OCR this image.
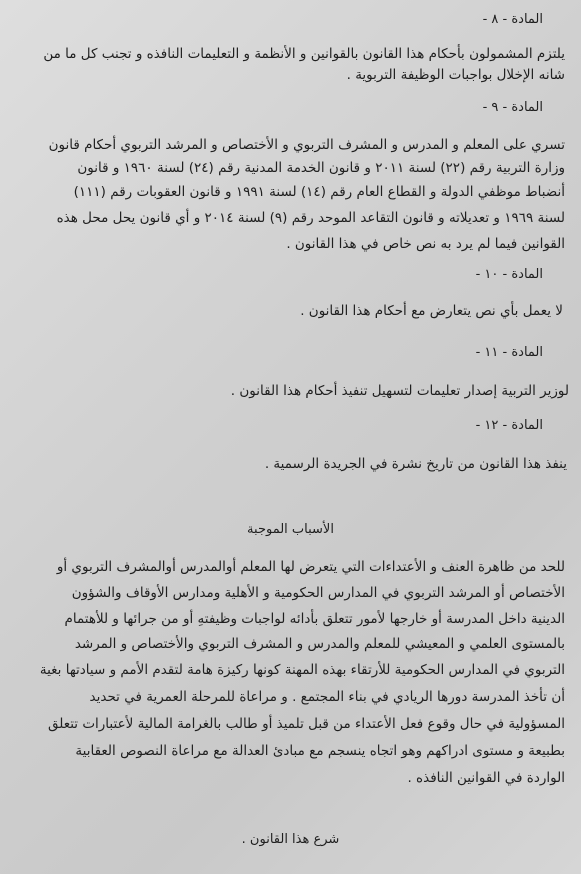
المادة - ٨ -
يلتزم المشمولون بأحكام هذا القانون بالقوانين و الأنظمة و التعليمات النافذه و تجنب كل ما من
شانه الإخلال بواجبات الوظيفة التربوية .
المادة - ٩ -
تسري على المعلم و المدرس و المشرف التربوي و الأختصاص و المرشد التربوي أحكام قانون
وزارة التربية رقم (٢٢) لسنة ٢٠١١ و قانون الخدمة المدنية رقم (٢٤) لسنة ١٩٦٠ و قانون
أنضباط موظفي الدولة و القطاع العام رقم (١٤) لسنة ١٩٩١ و قانون العقوبات رقم (١١١)
لسنة ١٩٦٩ و تعديلاته و قانون التقاعد الموحد رقم (٩) لسنة ٢٠١٤ و أي قانون يحل محل هذه
القوانين فيما لم يرد به نص خاص في هذا القانون .
المادة - ١٠ -
لا يعمل بأي نص يتعارض مع أحكام هذا القانون .
المادة - ١١ -
لوزير التربية إصدار تعليمات لتسهيل تنفيذ أحكام هذا القانون .
المادة - ١٢ -
ينفذ هذا القانون من تاريخ نشرة في الجريدة الرسمية .
الأسباب الموجبة
للحد من ظاهرة العنف و الأعتداءات التي يتعرض لها المعلم أوالمدرس أوالمشرف التربوي أو
الأختصاص أو المرشد التربوي في المدارس الحكومية و الأهلية ومدارس الأوقاف والشؤون
الدينية داخل المدرسة أو خارجها لأمور تتعلق بأدائه لواجبات وظيفتهِ أو من جرائها و للأهتمام
بالمستوى العلمي و المعيشي للمعلم والمدرس و المشرف التربوي والأختصاص و المرشد
التربوي في المدارس الحكومية للأرتقاء بهذه المهنة كونها ركيزة هامة لتقدم الأمم و سيادتها بغية
أن تأخذ المدرسة دورها الريادي في بناء المجتمع . و مراعاة للمرحلة العمرية في تحديد
المسؤولية في حال وقوع فعل الأعتداء من قبل تلميذ أو طالب بالغرامة المالية لأعتبارات تتعلق
بطبيعة و مستوى ادراكهم وهو اتجاه ينسجم مع مبادئ العدالة مع مراعاة النصوص العقابية
الواردة في القوانين النافذه .
شرع هذا القانون .
